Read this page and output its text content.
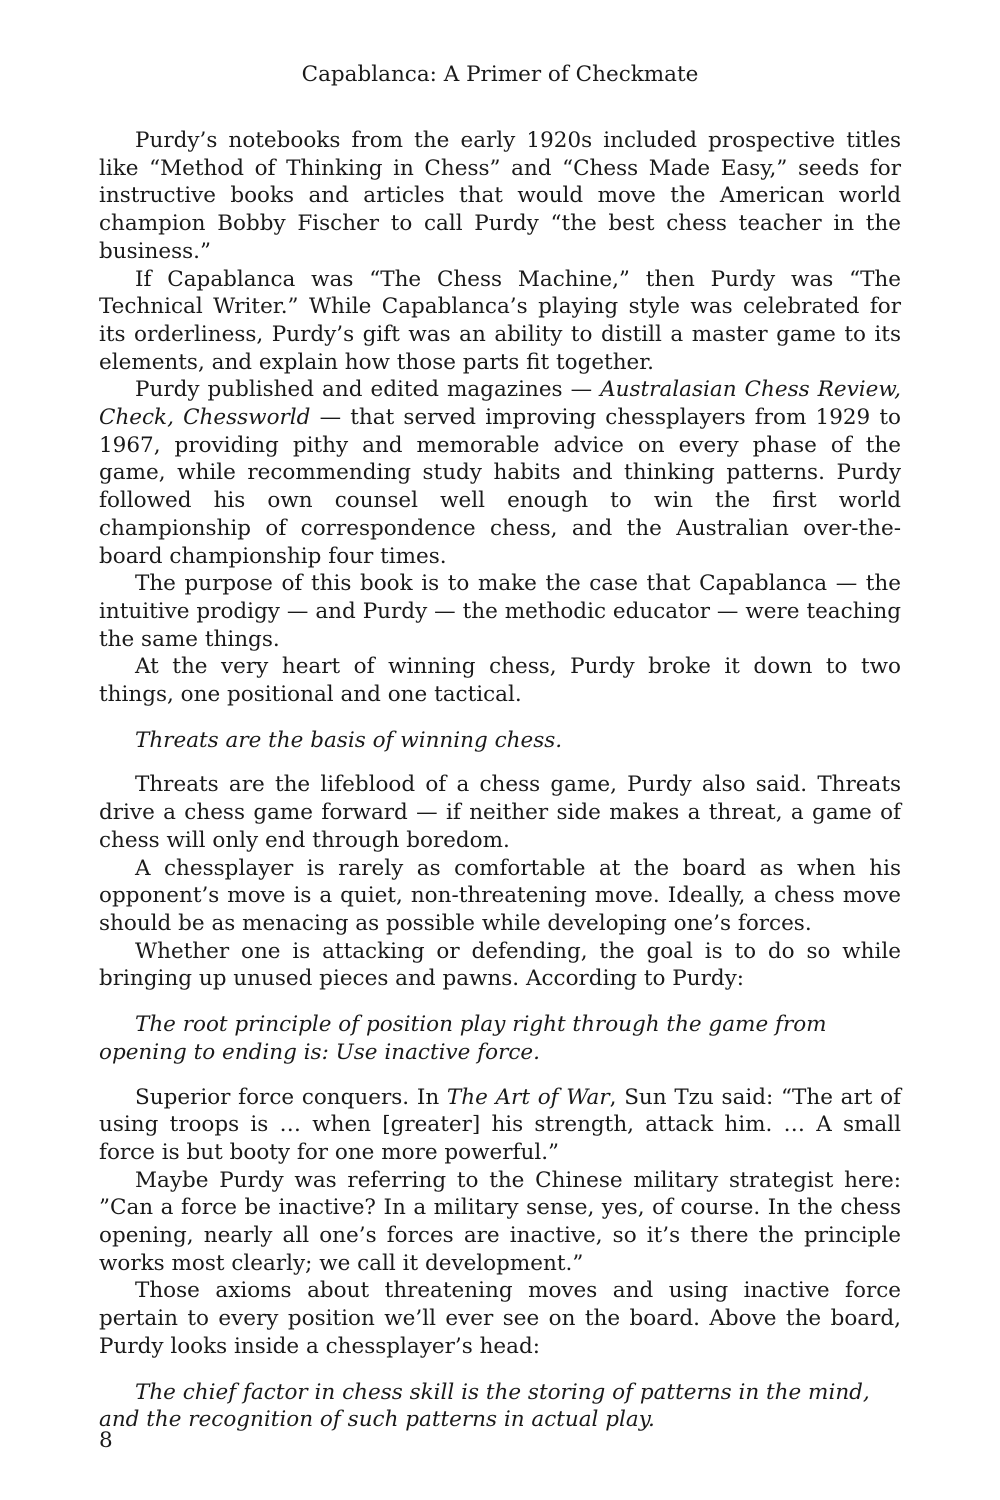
Capablanca: A Primer of Checkmate

Purdy’s notebooks from the early 1920s included prospective titles like “Method of Thinking in Chess” and “Chess Made Easy,” seeds for instructive books and articles that would move the American world champion Bobby Fischer to call Purdy “the best chess teacher in the business.”

If Capablanca was “The Chess Machine,” then Purdy was “The Technical Writer.” While Capablanca’s playing style was celebrated for its orderliness, Purdy’s gift was an ability to distill a master game to its elements, and explain how those parts fit together.

Purdy published and edited magazines — Australasian Chess Review, Check, Chessworld — that served improving chessplayers from 1929 to 1967, providing pithy and memorable advice on every phase of the game, while recommending study habits and thinking patterns. Purdy followed his own counsel well enough to win the first world championship of correspondence chess, and the Australian over-the-board championship four times.

The purpose of this book is to make the case that Capablanca — the intuitive prodigy — and Purdy — the methodic educator — were teaching the same things.

At the very heart of winning chess, Purdy broke it down to two things, one positional and one tactical.

Threats are the basis of winning chess.

Threats are the lifeblood of a chess game, Purdy also said. Threats drive a chess game forward — if neither side makes a threat, a game of chess will only end through boredom.

A chessplayer is rarely as comfortable at the board as when his opponent’s move is a quiet, non-threatening move. Ideally, a chess move should be as menacing as possible while developing one’s forces.

Whether one is attacking or defending, the goal is to do so while bringing up unused pieces and pawns. According to Purdy:

The root principle of position play right through the game from opening to ending is: Use inactive force.

Superior force conquers. In The Art of War, Sun Tzu said: “The art of using troops is … when [greater] his strength, attack him. … A small force is but booty for one more powerful.”

Maybe Purdy was referring to the Chinese military strategist here: ”Can a force be inactive? In a military sense, yes, of course. In the chess opening, nearly all one’s forces are inactive, so it’s there the principle works most clearly; we call it development.”

Those axioms about threatening moves and using inactive force pertain to every position we’ll ever see on the board. Above the board, Purdy looks inside a chessplayer’s head:

The chief factor in chess skill is the storing of patterns in the mind, and the recognition of such patterns in actual play.

8
